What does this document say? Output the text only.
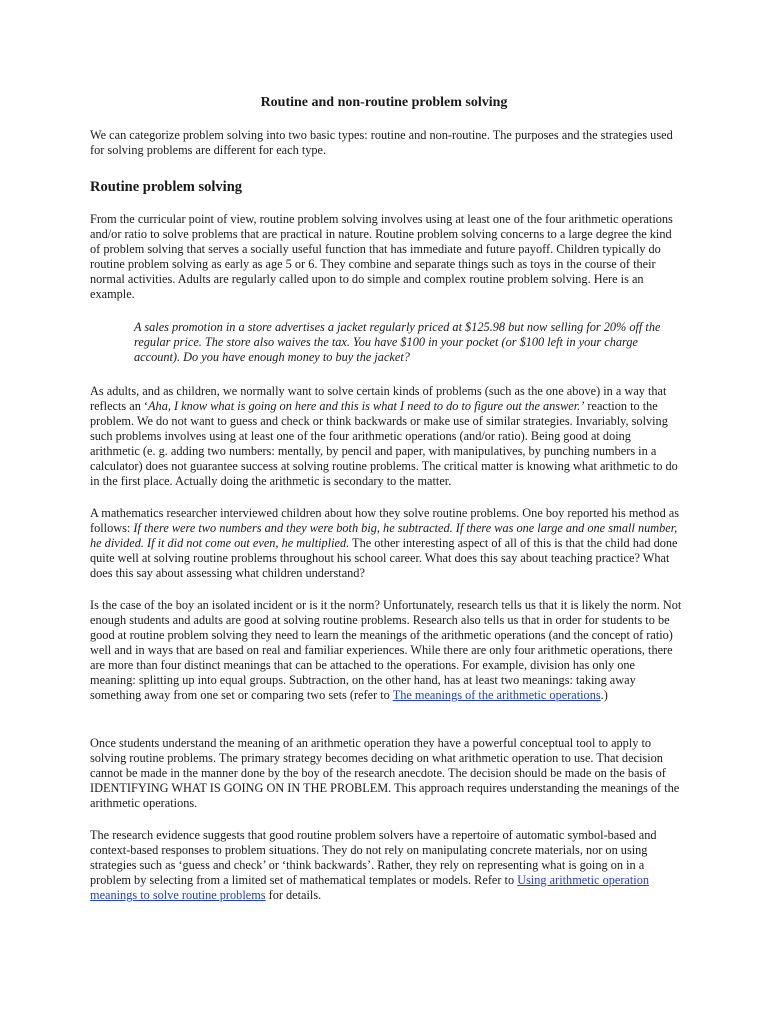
Routine and non-routine problem solving

We can categorize problem solving into two basic types: routine and non-routine. The purposes and the strategies used for solving problems are different for each type.

Routine problem solving

From the curricular point of view, routine problem solving involves using at least one of the four arithmetic operations and/or ratio to solve problems that are practical in nature. Routine problem solving concerns to a large degree the kind of problem solving that serves a socially useful function that has immediate and future payoff. Children typically do routine problem solving as early as age 5 or 6. They combine and separate things such as toys in the course of their normal activities. Adults are regularly called upon to do simple and complex routine problem solving. Here is an example.

A sales promotion in a store advertises a jacket regularly priced at $125.98 but now selling for 20% off the regular price. The store also waives the tax. You have $100 in your pocket (or $100 left in your charge account). Do you have enough money to buy the jacket?

As adults, and as children, we normally want to solve certain kinds of problems (such as the one above) in a way that reflects an ‘Aha, I know what is going on here and this is what I need to do to figure out the answer.’ reaction to the problem. We do not want to guess and check or think backwards or make use of similar strategies. Invariably, solving such problems involves using at least one of the four arithmetic operations (and/or ratio). Being good at doing arithmetic (e. g. adding two numbers: mentally, by pencil and paper, with manipulatives, by punching numbers in a calculator) does not guarantee success at solving routine problems. The critical matter is knowing what arithmetic to do in the first place. Actually doing the arithmetic is secondary to the matter.

A mathematics researcher interviewed children about how they solve routine problems. One boy reported his method as follows: If there were two numbers and they were both big, he subtracted. If there was one large and one small number, he divided. If it did not come out even, he multiplied. The other interesting aspect of all of this is that the child had done quite well at solving routine problems throughout his school career. What does this say about teaching practice? What does this say about assessing what children understand?

Is the case of the boy an isolated incident or is it the norm? Unfortunately, research tells us that it is likely the norm. Not enough students and adults are good at solving routine problems. Research also tells us that in order for students to be good at routine problem solving they need to learn the meanings of the arithmetic operations (and the concept of ratio) well and in ways that are based on real and familiar experiences. While there are only four arithmetic operations, there are more than four distinct meanings that can be attached to the operations. For example, division has only one meaning: splitting up into equal groups. Subtraction, on the other hand, has at least two meanings: taking away something away from one set or comparing two sets (refer to The meanings of the arithmetic operations.)

Once students understand the meaning of an arithmetic operation they have a powerful conceptual tool to apply to solving routine problems. The primary strategy becomes deciding on what arithmetic operation to use. That decision cannot be made in the manner done by the boy of the research anecdote. The decision should be made on the basis of IDENTIFYING WHAT IS GOING ON IN THE PROBLEM. This approach requires understanding the meanings of the arithmetic operations.

The research evidence suggests that good routine problem solvers have a repertoire of automatic symbol-based and context-based responses to problem situations. They do not rely on manipulating concrete materials, nor on using strategies such as ‘guess and check’ or ‘think backwards’. Rather, they rely on representing what is going on in a problem by selecting from a limited set of mathematical templates or models. Refer to Using arithmetic operation meanings to solve routine problems for details.
